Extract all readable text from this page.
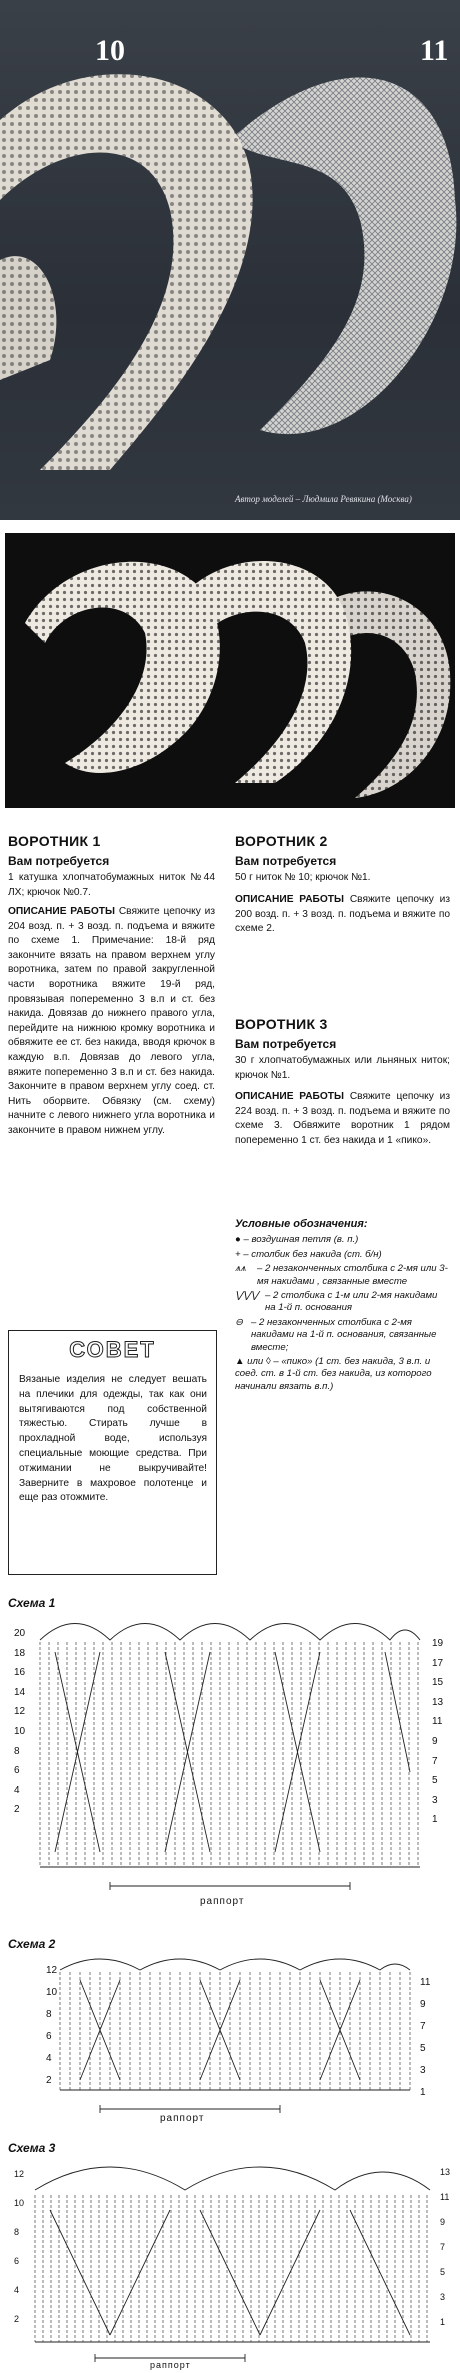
10	11
Автор моделей – Людмила Ревякина (Москва)
ВОРОТНИК 1
Вам потребуется
1 катушка хлопчатобумажных ниток №44 ЛХ; крючок №0.7.
ОПИСАНИЕ РАБОТЫ Свяжите цепочку из 204 возд. п. + 3 возд. п. подъема и вяжите по схеме 1. Примечание: 18-й ряд закончите вязать на правом верхнем углу воротника, затем по правой закругленной части воротника вяжите 19-й ряд, провязывая попеременно 3 в.п и ст. без накида. Довязав до нижнего правого угла, перейдите на нижнюю кромку воротника и обвяжите ее ст. без накида, вводя крючок в каждую в.п. Довязав до левого угла, вяжите попеременно 3 в.п и ст. без накида. Закончите в правом верхнем углу соед. ст. Нить оборвите. Обвязку (см. схему) начните с левого нижнего угла воротника и закончите в правом нижнем углу.
ВОРОТНИК 2
Вам потребуется
50 г ниток № 10; крючок №1.
ОПИСАНИЕ РАБОТЫ Свяжите цепочку из 200 возд. п. + 3 возд. п. подъема и вяжите по схеме 2.
ВОРОТНИК 3
Вам потребуется
30 г хлопчатобумажных или льняных ниток; крючок №1.
ОПИСАНИЕ РАБОТЫ Свяжите цепочку из 224 возд. п. + 3 возд. п. подъема и вяжите по схеме 3. Обвяжите воротник 1 рядом попеременно 1 ст. без накида и 1 «пико».
Условные обозначения:
● – воздушная петля (в. п.)
+ – столбик без накида (ст. б/н)
⩚⩚ – 2 незаконченных столбика с 2-мя или 3-мя накидами , связанные вместе
⋁⋁⋁ – 2 столбика с 1-м или 2-мя накидами на 1-й п. основания
⊖ – 2 незаконченных столбика с 2-мя накидами на 1-й п. основания, связанные вместе;
▲ или ◊ – «пико» (1 ст. без накида, 3 в.п. и соед. ст. в 1-й ст. без накида, из которого начинали вязать в.п.)
СОВЕТ
Вязаные изделия не следует вешать на плечики для одежды, так как они вытягиваются под собственной тяжестью. Стирать лучше в прохладной воде, используя специальные моющие средства. При отжимании не выкручивайте! Заверните в махровое полотенце и еще раз отожмите.
Схема 1
20
18
16
14
12
10
8
6
4
2
19
17
15
13
11
9
7
5
3
1
раппорт
Схема 2
12
10
8
6
4
2
11
9
7
5
3
1
раппорт
Схема 3
12
10
8
6
4
2
13
11
9
7
5
3
1
раппорт
